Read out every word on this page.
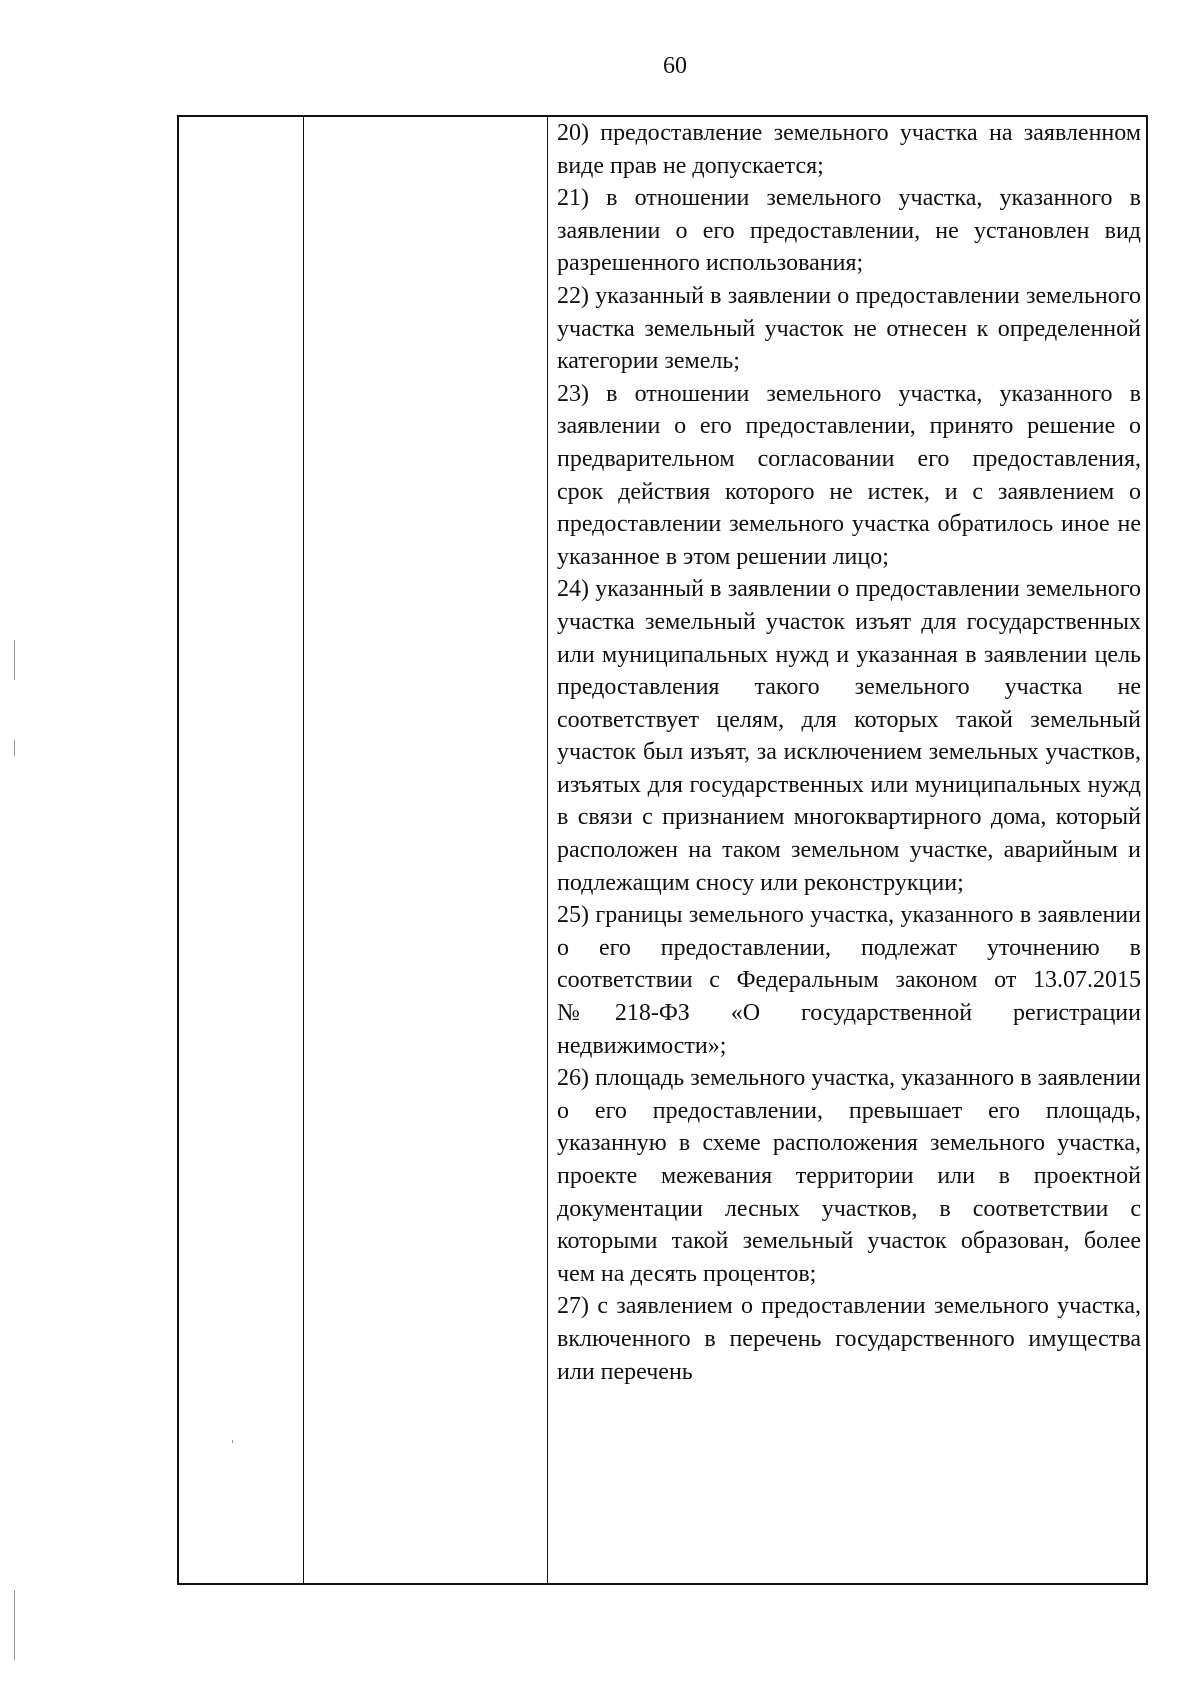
60

20) предоставление земельного участка на заявленном виде прав не допускается;

21) в отношении земельного участка, указанного в заявлении о его предоставлении, не установлен вид разрешенного использования;

22) указанный в заявлении о предоставлении земельного участка земельный участок не отнесен к определенной категории земель;

23) в отношении земельного участка, указанного в заявлении о его предоставлении, принято решение о предварительном согласовании его предоставления, срок действия которого не истек, и с заявлением о предоставлении земельного участка обратилось иное не указанное в этом решении лицо;

24) указанный в заявлении о предоставлении земельного участка земельный участок изъят для государственных или муниципальных нужд и указанная в заявлении цель предоставления такого земельного участка не соответствует целям, для которых такой земельный участок был изъят, за исключением земельных участков, изъятых для государственных или муниципальных нужд в связи с признанием многоквартирного дома, который расположен на таком земельном участке, аварийным и подлежащим сносу или реконструкции;

25) границы земельного участка, указанного в заявлении о его предоставлении, подлежат уточнению в соответствии с Федеральным законом от 13.07.2015 №218-ФЗ «О государственной регистрации недвижимости»;

26) площадь земельного участка, указанного в заявлении о его предоставлении, превышает его площадь, указанную в схеме расположения земельного участка, проекте межевания территории или в проектной документации лесных участков, в соответствии с которыми такой земельный участок образован, более чем на десять процентов;

27) с заявлением о предоставлении земельного участка, включенного в перечень государственного имущества или перечень
